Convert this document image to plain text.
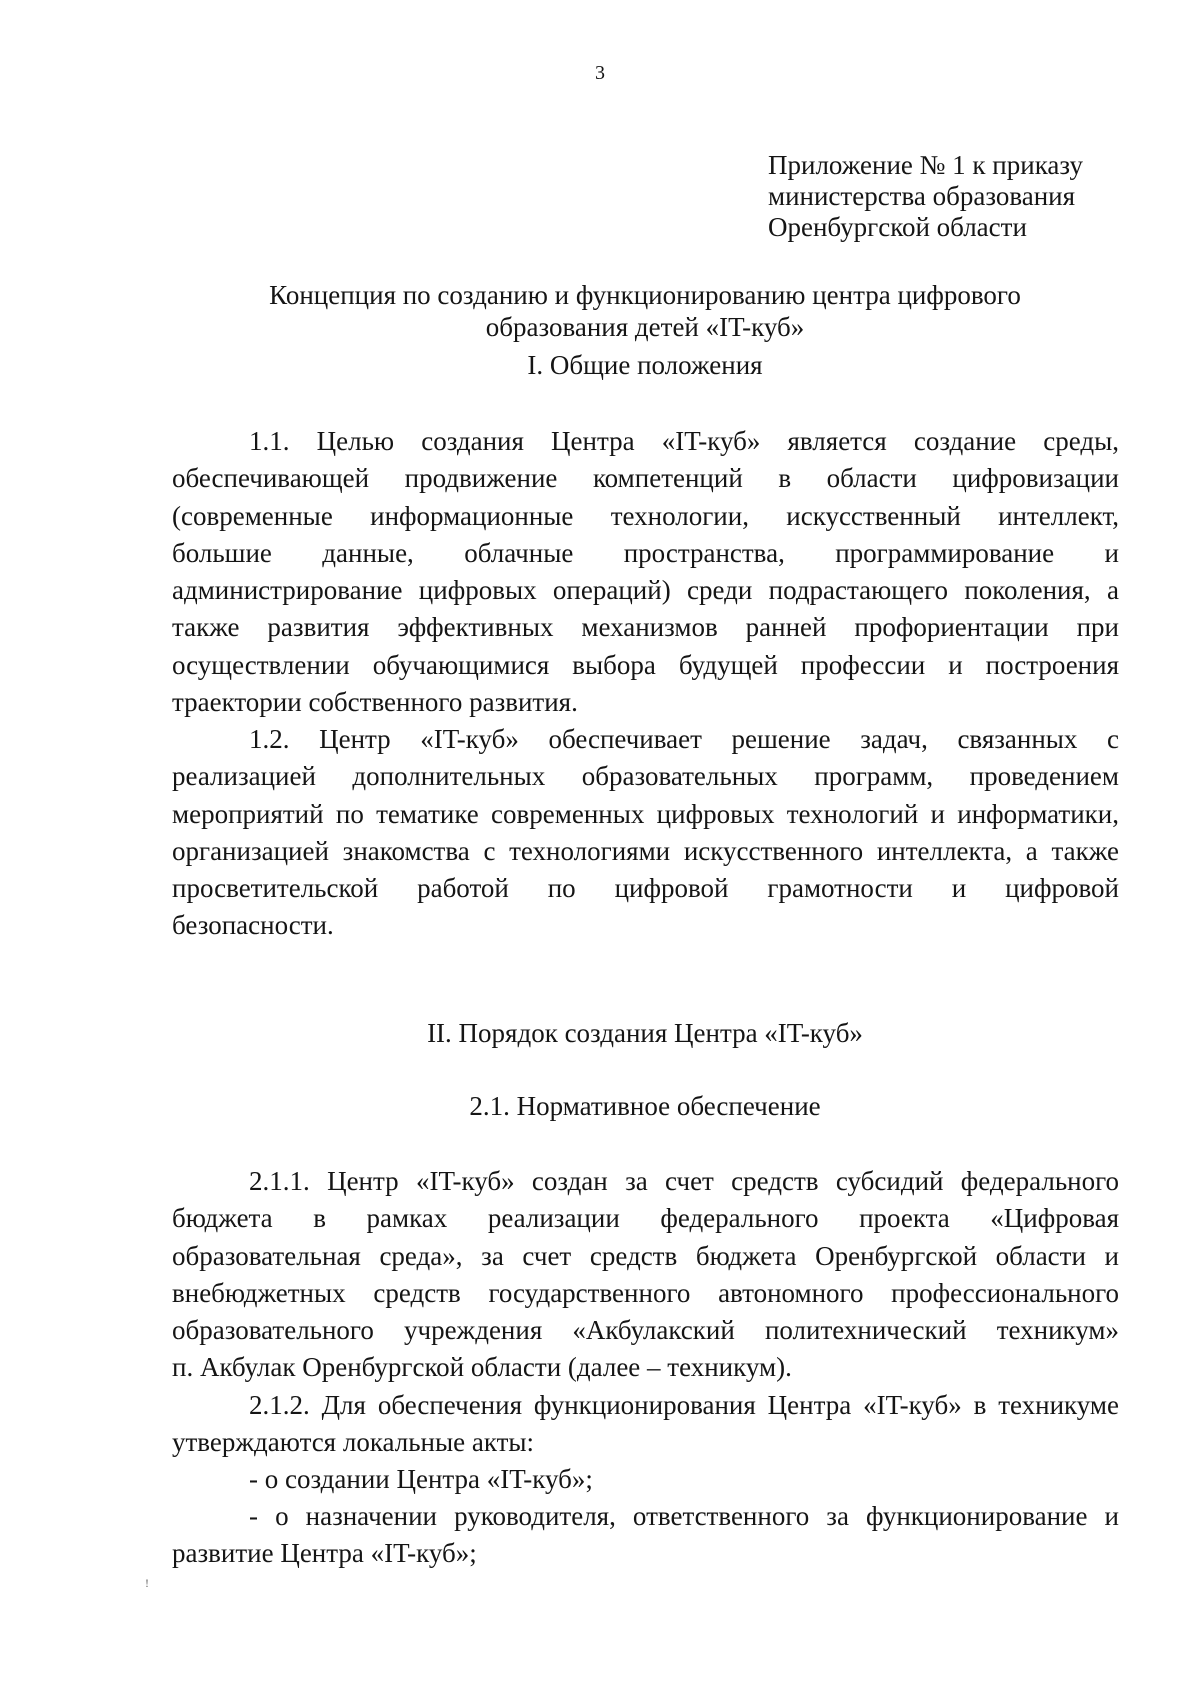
3
Приложение № 1 к приказу
министерства образования
Оренбургской области
Концепция по созданию и функционированию центра цифрового
образования детей «IT-куб»
I. Общие положения
1.1. Целью создания Центра «IT-куб» является создание среды,
обеспечивающей продвижение компетенций в области цифровизации
(современные информационные технологии, искусственный интеллект,
большие данные, облачные пространства, программирование и
администрирование цифровых операций) среди подрастающего поколения, а
также развития эффективных механизмов ранней профориентации при
осуществлении обучающимися выбора будущей профессии и построения
траектории собственного развития.
1.2. Центр «IT-куб» обеспечивает решение задач, связанных с
реализацией дополнительных образовательных программ, проведением
мероприятий по тематике современных цифровых технологий и информатики,
организацией знакомства с технологиями искусственного интеллекта, а также
просветительской работой по цифровой грамотности и цифровой
безопасности.
II. Порядок создания Центра «IT-куб»
2.1. Нормативное обеспечение
2.1.1. Центр «IT-куб» создан за счет средств субсидий федерального
бюджета в рамках реализации федерального проекта «Цифровая
образовательная среда», за счет средств бюджета Оренбургской области и
внебюджетных средств государственного автономного профессионального
образовательного учреждения «Акбулакский политехнический техникум»
п. Акбулак Оренбургской области (далее – техникум).
2.1.2. Для обеспечения функционирования Центра «IT-куб» в техникуме
утверждаются локальные акты:
- о создании Центра «IT-куб»;
- о назначении руководителя, ответственного за функционирование и
развитие Центра «IT-куб»;
!
